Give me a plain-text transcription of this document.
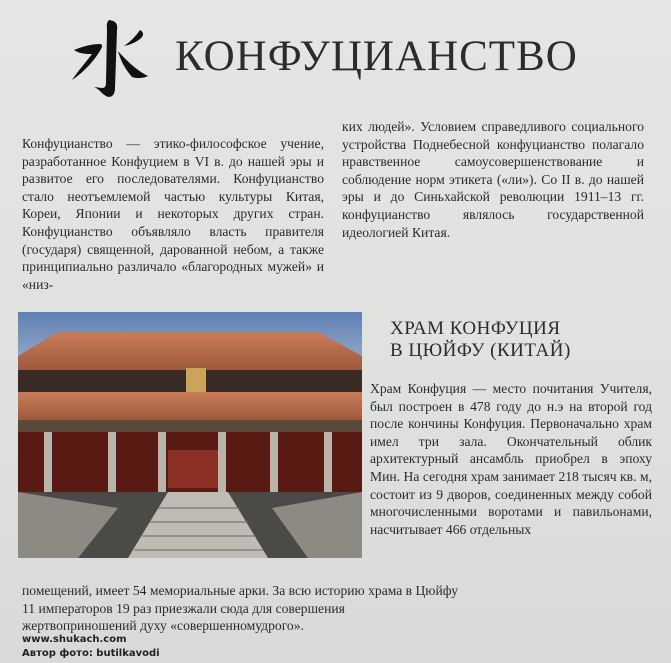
КОНФУЦИАНСТВО

Конфуцианство — этико-философское учение, разработанное Конфуцием в VI в. до нашей эры и развитое его последователями. Конфуцианство стало неотъемлемой частью культуры Китая, Кореи, Японии и некоторых других стран. Конфуцианство объявляло власть правителя (государя) священной, дарованной небом, а также принципиально различало «благородных мужей» и «низ-

ких людей». Условием справедливого социального устройства Поднебесной конфуцианство полагало нравственное самоусовершенствование и соблюдение норм этикета («ли»). Со II в. до нашей эры и до Синьхайской революции 1911–13 гг. конфуцианство являлось государственной идеологией Китая.

ХРАМ КОНФУЦИЯ
В ЦЮЙФУ (КИТАЙ)

Храм Конфуция — место почитания Учителя, был построен в 478 году до н.э на второй год после кончины Конфуция. Первоначально храм имел три зала. Окончательный облик архитектурный ансамбль приобрел в эпоху Мин. На сегодня храм занимает 218 тысяч кв. м, состоит из 9 дворов, соединенных между собой многочисленными воротами и павильонами, насчитывает 466 отдельных

помещений, имеет 54 мемориальные арки. За всю историю храма в Цюйфу 11 императоров 19 раз приезжали сюда для совершения жертвоприношений духу «совершенномудрого».

www.shukach.com

Автор фото: butilkavodi
